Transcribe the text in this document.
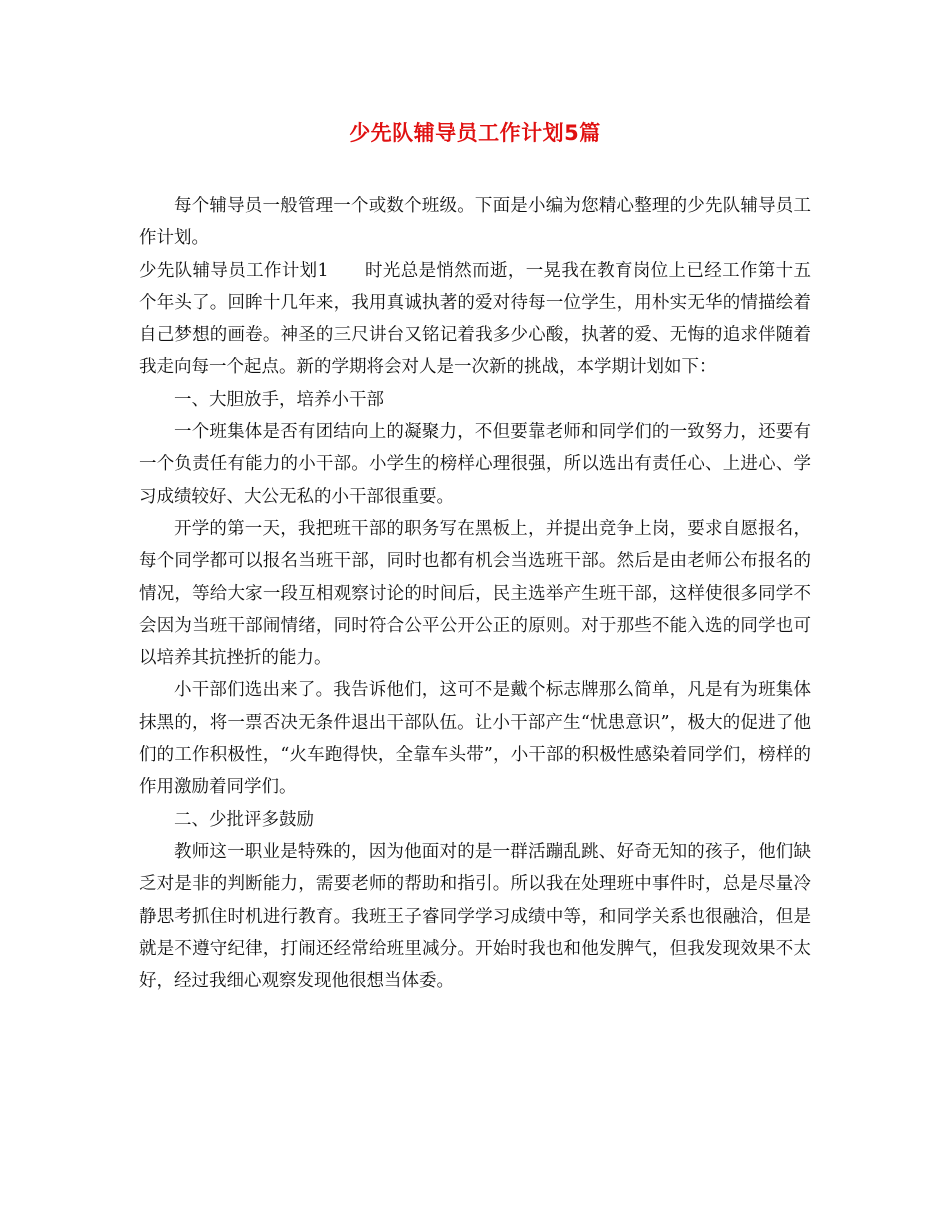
少先队辅导员工作计划5篇

每个辅导员一般管理一个或数个班级。下面是小编为您精心整理的少先队辅导员工作计划。

少先队辅导员工作计划1 时光总是悄然而逝，一晃我在教育岗位上已经工作第十五个年头了。回眸十几年来，我用真诚执著的爱对待每一位学生，用朴实无华的情描绘着自己梦想的画卷。神圣的三尺讲台又铭记着我多少心酸，执著的爱、无悔的追求伴随着我走向每一个起点。新的学期将会对人是一次新的挑战，本学期计划如下：

一、大胆放手，培养小干部

一个班集体是否有团结向上的凝聚力，不但要靠老师和同学们的一致努力，还要有一个负责任有能力的小干部。小学生的榜样心理很强，所以选出有责任心、上进心、学习成绩较好、大公无私的小干部很重要。

开学的第一天，我把班干部的职务写在黑板上，并提出竞争上岗，要求自愿报名，每个同学都可以报名当班干部，同时也都有机会当选班干部。然后是由老师公布报名的情况，等给大家一段互相观察讨论的时间后，民主选举产生班干部，这样使很多同学不会因为当班干部闹情绪，同时符合公平公开公正的原则。对于那些不能入选的同学也可以培养其抗挫折的能力。

小干部们选出来了。我告诉他们，这可不是戴个标志牌那么简单，凡是有为班集体抹黑的，将一票否决无条件退出干部队伍。让小干部产生“忧患意识”，极大的促进了他们的工作积极性，“火车跑得快，全靠车头带”，小干部的积极性感染着同学们，榜样的作用激励着同学们。

二、少批评多鼓励

教师这一职业是特殊的，因为他面对的是一群活蹦乱跳、好奇无知的孩子，他们缺乏对是非的判断能力，需要老师的帮助和指引。所以我在处理班中事件时，总是尽量冷静思考抓住时机进行教育。我班王子睿同学学习成绩中等，和同学关系也很融洽，但是就是不遵守纪律，打闹还经常给班里减分。开始时我也和他发脾气，但我发现效果不太好，经过我细心观察发现他很想当体委。
